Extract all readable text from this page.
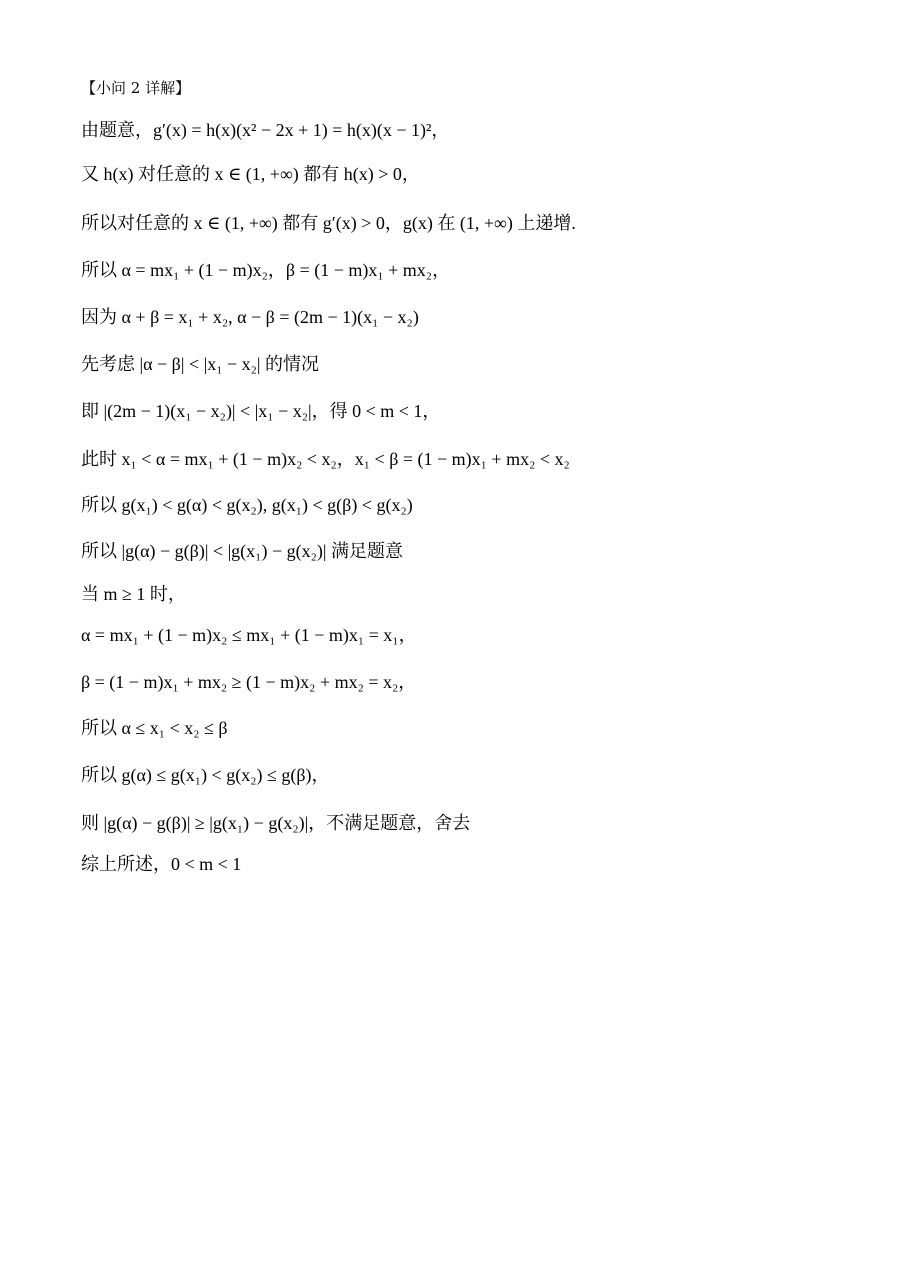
【小问 2 详解】
由题意，g′(x) = h(x)(x² − 2x + 1) = h(x)(x − 1)²，
又 h(x) 对任意的 x ∈ (1, +∞) 都有 h(x) > 0，
所以对任意的 x ∈ (1, +∞) 都有 g′(x) > 0，g(x) 在 (1, +∞) 上递增.
所以 α = mx₁ + (1 − m)x₂，β = (1 − m)x₁ + mx₂，
因为 α + β = x₁ + x₂, α − β = (2m − 1)(x₁ − x₂)
先考虑 |α − β| < |x₁ − x₂| 的情况
即 |(2m − 1)(x₁ − x₂)| < |x₁ − x₂|，得 0 < m < 1，
此时 x₁ < α = mx₁ + (1 − m)x₂ < x₂，x₁ < β = (1 − m)x₁ + mx₂ < x₂
所以 g(x₁) < g(α) < g(x₂), g(x₁) < g(β) < g(x₂)
所以 |g(α) − g(β)| < |g(x₁) − g(x₂)| 满足题意
当 m ≥ 1 时，
α = mx₁ + (1 − m)x₂ ≤ mx₁ + (1 − m)x₁ = x₁，
β = (1 − m)x₁ + mx₂ ≥ (1 − m)x₂ + mx₂ = x₂，
所以 α ≤ x₁ < x₂ ≤ β
所以 g(α) ≤ g(x₁) < g(x₂) ≤ g(β)，
则 |g(α) − g(β)| ≥ |g(x₁) − g(x₂)|，不满足题意，舍去
综上所述，0 < m < 1
